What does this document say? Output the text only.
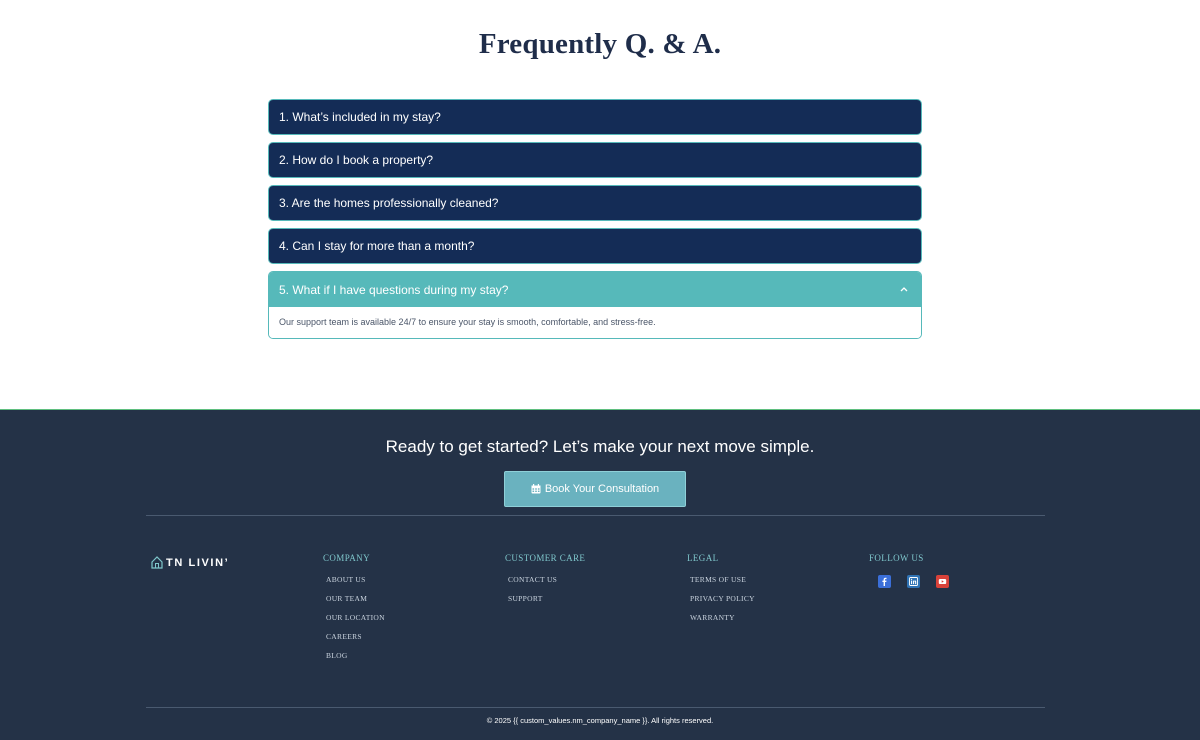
Frequently Q. & A.
1. What’s included in my stay?
2. How do I book a property?
3. Are the homes professionally cleaned?
4. Can I stay for more than a month?
5. What if I have questions during my stay?
Our support team is available 24/7 to ensure your stay is smooth, comfortable, and stress-free.
Ready to get started? Let’s make your next move simple.
Book Your Consultation
TN LIVIN’	COMPANY
ABOUT US
OUR TEAM
OUR LOCATION
CAREERS
BLOG
CUSTOMER CARE
CONTACT US
SUPPORT
LEGAL
TERMS OF USE
PRIVACY POLICY
WARRANTY
FOLLOW US
© 2025 {{ custom_values.nm_company_name }}. All rights reserved.
